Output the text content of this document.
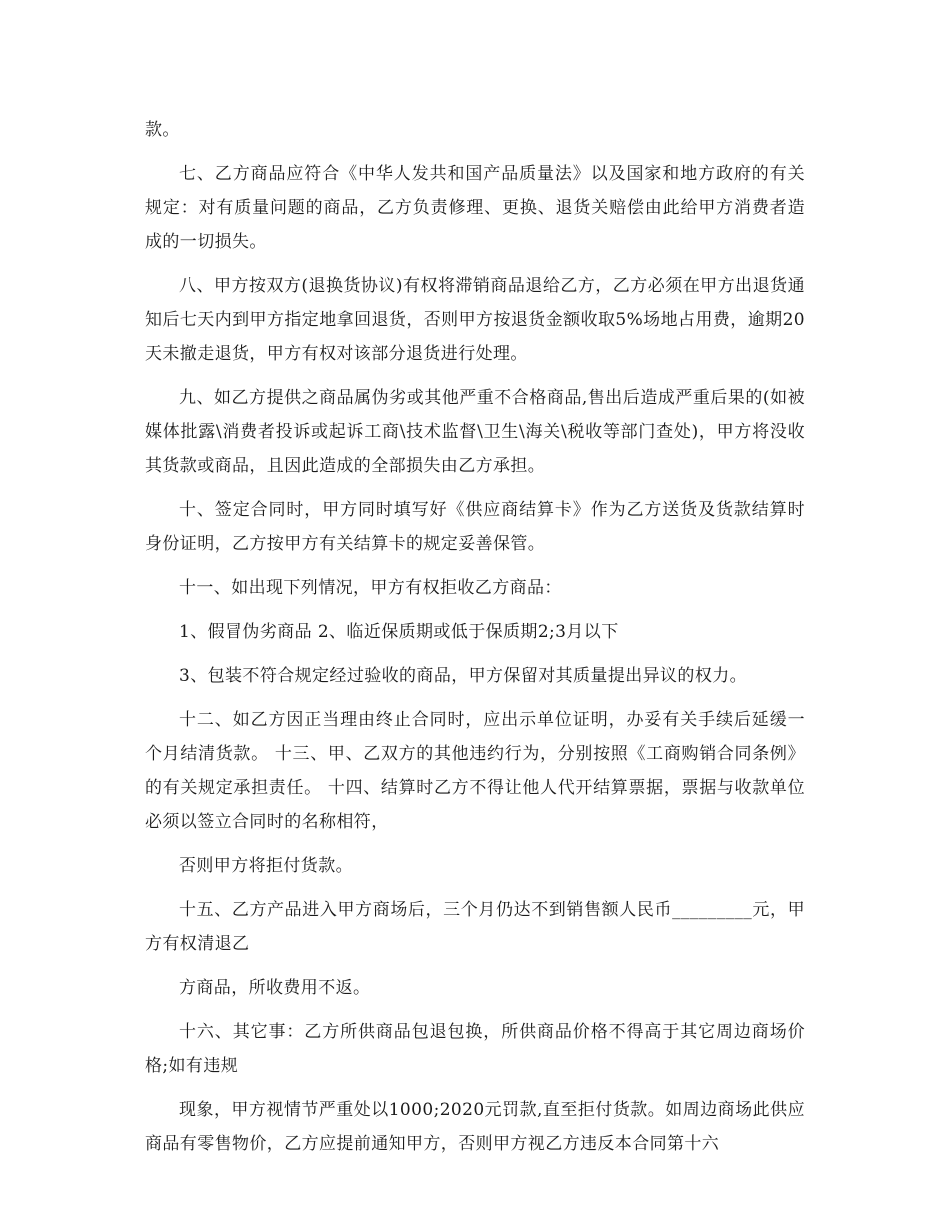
款。

七、乙方商品应符合《中华人发共和国产品质量法》以及国家和地方政府的有关规定：对有质量问题的商品，乙方负责修理、更换、退货关赔偿由此给甲方消费者造成的一切损失。

八、甲方按双方(退换货协议)有权将滞销商品退给乙方，乙方必须在甲方出退货通知后七天内到甲方指定地拿回退货，否则甲方按退货金额收取5%场地占用费，逾期20天未撤走退货，甲方有权对该部分退货进行处理。

九、如乙方提供之商品属伪劣或其他严重不合格商品,售出后造成严重后果的(如被媒体批露\消费者投诉或起诉工商\技术监督\卫生\海关\税收等部门查处)，甲方将没收其货款或商品，且因此造成的全部损失由乙方承担。

十、签定合同时，甲方同时填写好《供应商结算卡》作为乙方送货及货款结算时身份证明，乙方按甲方有关结算卡的规定妥善保管。

十一、如出现下列情况，甲方有权拒收乙方商品：

1、假冒伪劣商品 2、临近保质期或低于保质期2;3月以下

3、包装不符合规定经过验收的商品，甲方保留对其质量提出异议的权力。

十二、如乙方因正当理由终止合同时，应出示单位证明，办妥有关手续后延缓一个月结清货款。 十三、甲、乙双方的其他违约行为，分别按照《工商购销合同条例》的有关规定承担责任。 十四、结算时乙方不得让他人代开结算票据，票据与收款单位必须以签立合同时的名称相符，

否则甲方将拒付货款。

十五、乙方产品进入甲方商场后，三个月仍达不到销售额人民币_________元，甲方有权清退乙

方商品，所收费用不返。

十六、其它事：乙方所供商品包退包换，所供商品价格不得高于其它周边商场价格;如有违规

现象，甲方视情节严重处以1000;2020元罚款,直至拒付货款。如周边商场此供应商品有零售物价，乙方应提前通知甲方，否则甲方视乙方违反本合同第十六
